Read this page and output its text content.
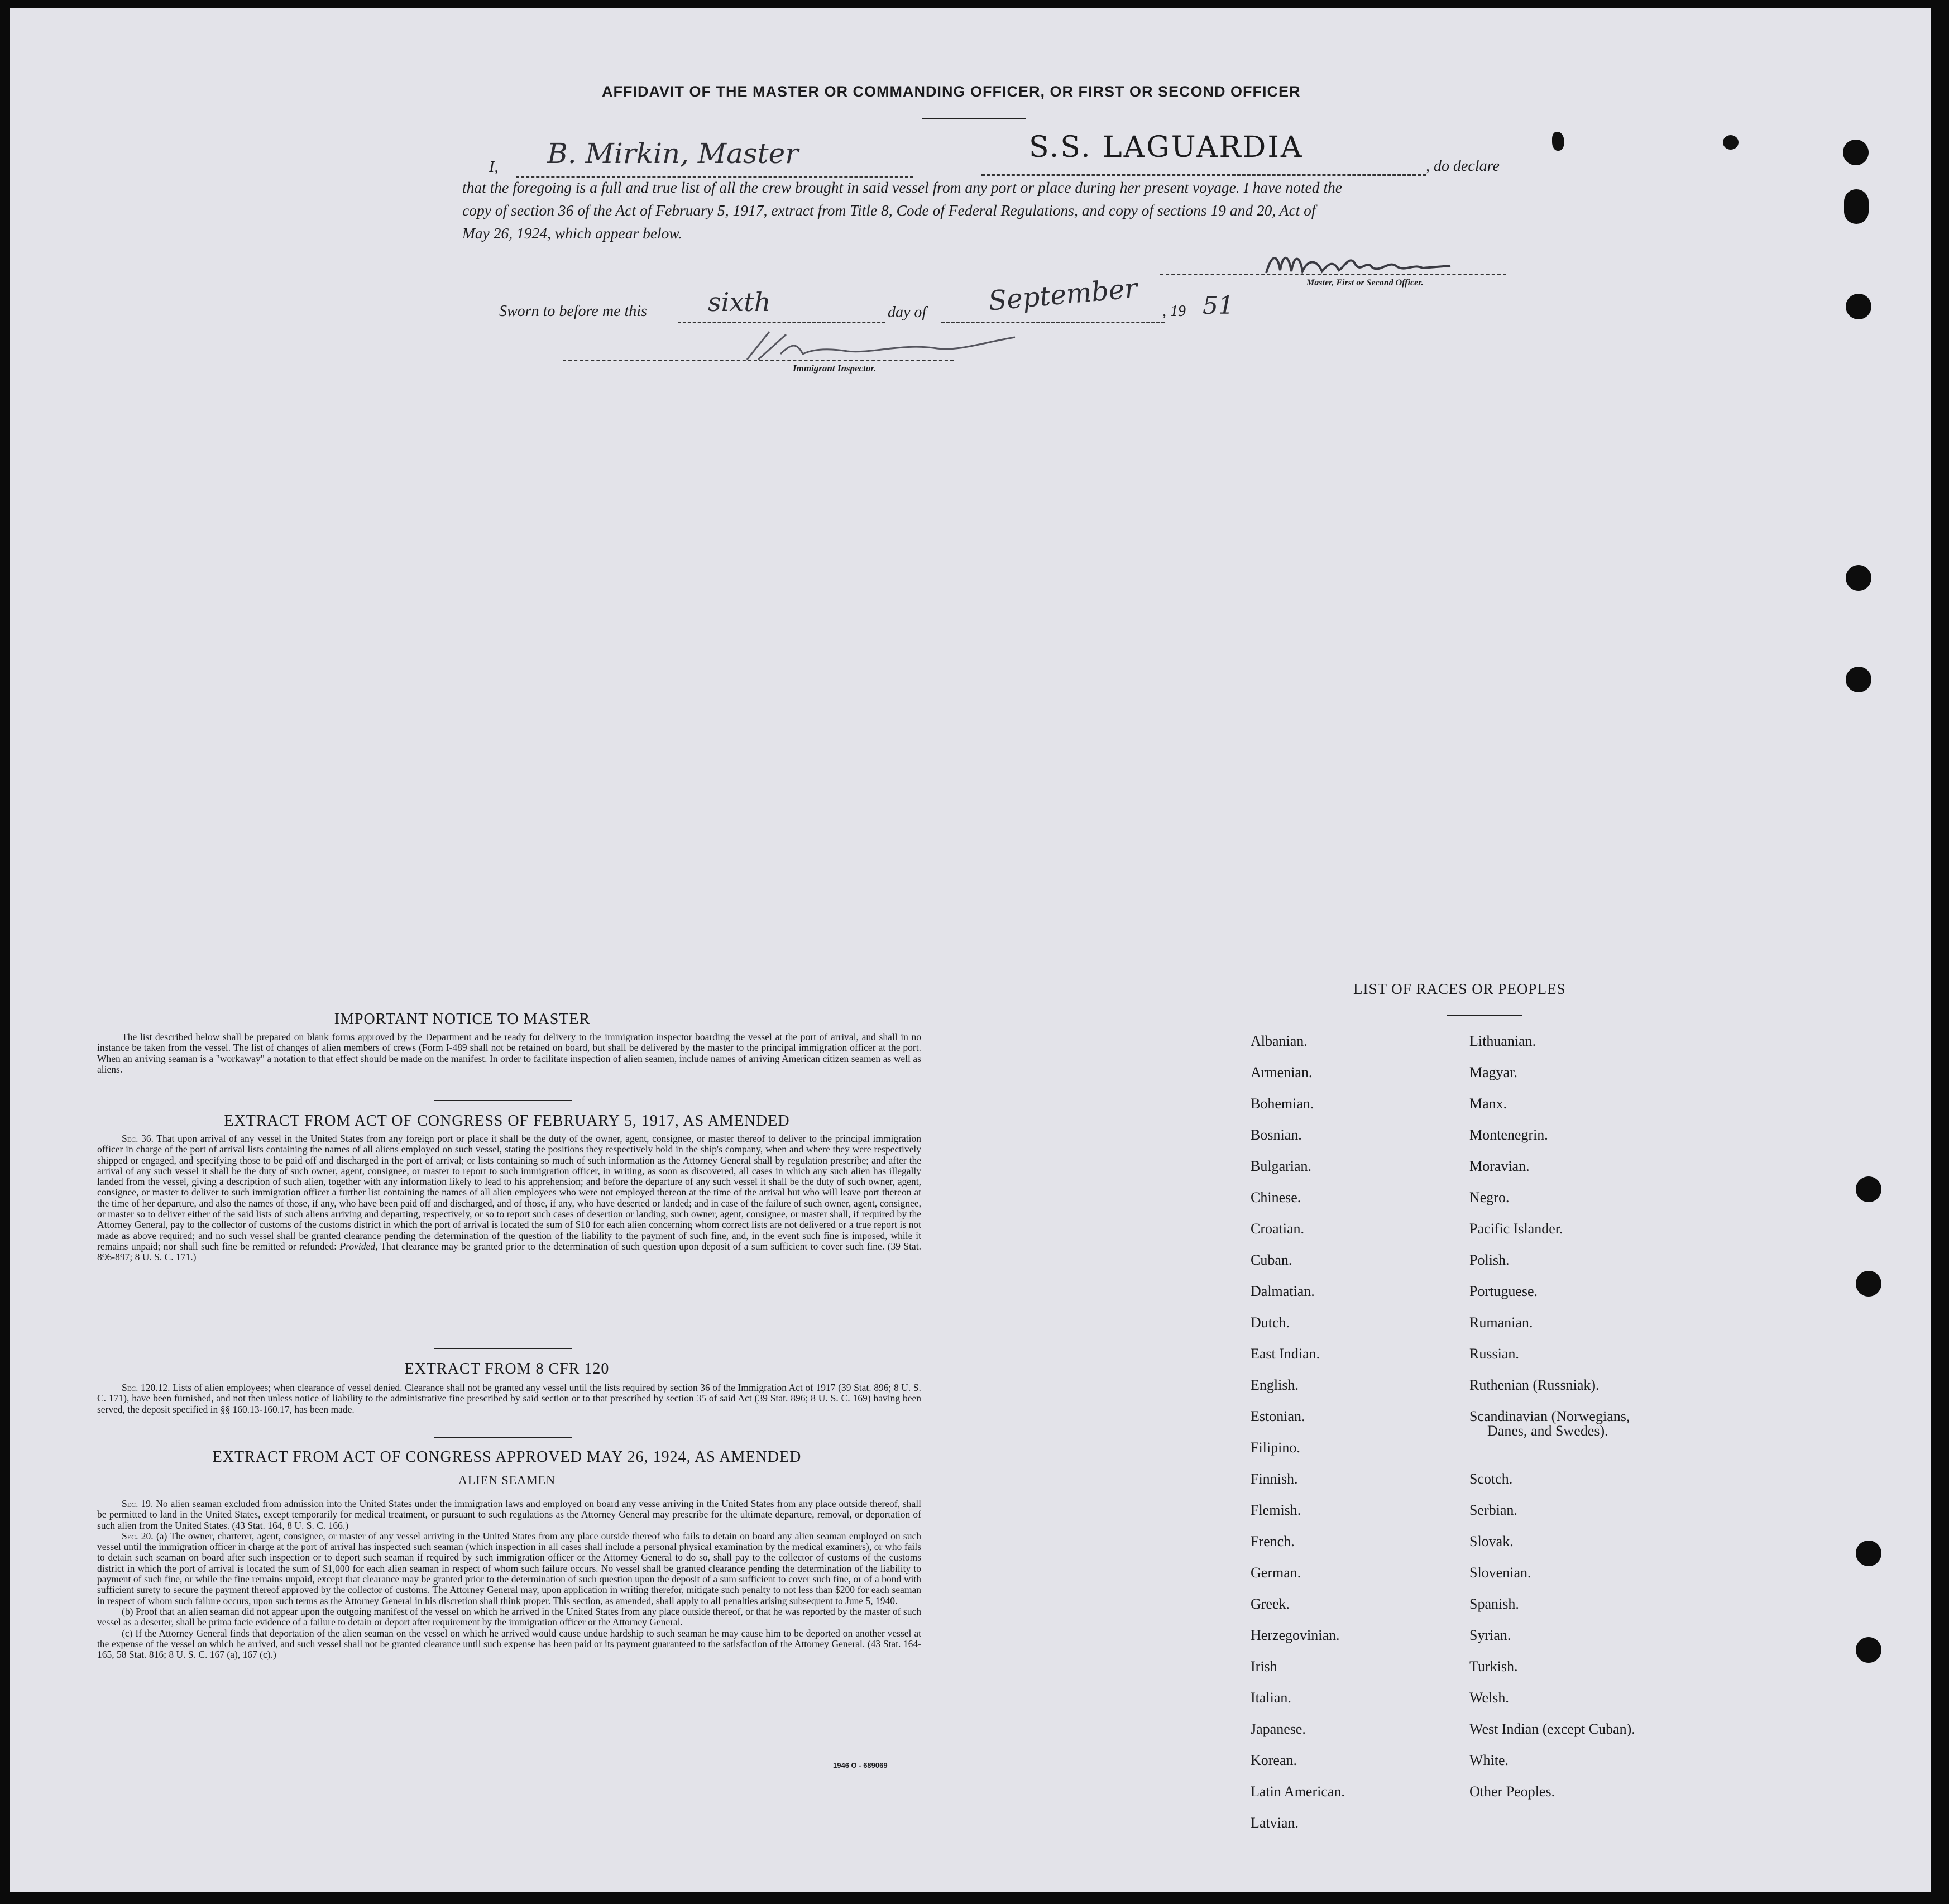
AFFIDAVIT OF THE MASTER OR COMMANDING OFFICER, OR FIRST OR SECOND OFFICER
I, B. Mirkin, Master	S.S. LAGUARDIA
, do declare
that the foregoing is a full and true list of all the crew brought in said vessel from any port or place during her present voyage. I have noted the
copy of section 36 of the Act of February 5, 1917, extract from Title 8, Code of Federal Regulations, and copy of sections 19 and 20, Act of
May 26, 1924, which appear below.
Master, First or Second Officer.
Sworn to before me this sixth	day of September , 19 51
Immigrant Inspector.
IMPORTANT NOTICE TO MASTER

The list described below shall be prepared on blank forms approved by the Department and be ready for delivery to the immigration inspector boarding the vessel at the port of arrival, and shall in no instance be taken from the vessel. The list of changes of alien members of crews (Form I-489 shall not be retained on board, but shall be delivered by the master to the principal immigration officer at the port. When an arriving seaman is a "workaway" a notation to that effect should be made on the manifest. In order to facilitate inspection of alien seamen, include names of arriving American citizen seamen as well as aliens.

EXTRACT FROM ACT OF CONGRESS OF FEBRUARY 5, 1917, AS AMENDED

Sec. 36. That upon arrival of any vessel in the United States from any foreign port or place it shall be the duty of the owner, agent, consignee, or master thereof to deliver to the principal immigration officer in charge of the port of arrival lists containing the names of all aliens employed on such vessel, stating the positions they respectively hold in the ship's company, when and where they were respectively shipped or engaged, and specifying those to be paid off and discharged in the port of arrival; or lists containing so much of such information as the Attorney General shall by regulation prescribe; and after the arrival of any such vessel it shall be the duty of such owner, agent, consignee, or master to report to such immigration officer, in writing, as soon as discovered, all cases in which any such alien has illegally landed from the vessel, giving a description of such alien, together with any information likely to lead to his apprehension; and before the departure of any such vessel it shall be the duty of such owner, agent, consignee, or master to deliver to such immigration officer a further list containing the names of all alien employees who were not employed thereon at the time of the arrival but who will leave port thereon at the time of her departure, and also the names of those, if any, who have been paid off and discharged, and of those, if any, who have deserted or landed; and in case of the failure of such owner, agent, consignee, or master so to deliver either of the said lists of such aliens arriving and departing, respectively, or so to report such cases of desertion or landing, such owner, agent, consignee, or master shall, if required by the Attorney General, pay to the collector of customs of the customs district in which the port of arrival is located the sum of $10 for each alien concerning whom correct lists are not delivered or a true report is not made as above required; and no such vessel shall be granted clearance pending the determination of the question of the liability to the payment of such fine, and, in the event such fine is imposed, while it remains unpaid; nor shall such fine be remitted or refunded: Provided, That clearance may be granted prior to the determination of such question upon deposit of a sum sufficient to cover such fine. (39 Stat. 896-897; 8 U. S. C. 171.)

EXTRACT FROM 8 CFR 120

Sec. 120.12. Lists of alien employees; when clearance of vessel denied. Clearance shall not be granted any vessel until the lists required by section 36 of the Immigration Act of 1917 (39 Stat. 896; 8 U. S. C. 171), have been furnished, and not then unless notice of liability to the administrative fine prescribed by said section or to that prescribed by section 35 of said Act (39 Stat. 896; 8 U. S. C. 169) having been served, the deposit specified in §§ 160.13-160.17, has been made.

EXTRACT FROM ACT OF CONGRESS APPROVED MAY 26, 1924, AS AMENDED
ALIEN SEAMEN

Sec. 19. No alien seaman excluded from admission into the United States under the immigration laws and employed on board any vesse arriving in the United States from any place outside thereof, shall be permitted to land in the United States, except temporarily for medical treatment, or pursuant to such regulations as the Attorney General may prescribe for the ultimate departure, removal, or deportation of such alien from the United States. (43 Stat. 164, 8 U. S. C. 166.)

Sec. 20. (a) The owner, charterer, agent, consignee, or master of any vessel arriving in the United States from any place outside thereof who fails to detain on board any alien seaman employed on such vessel until the immigration officer in charge at the port of arrival has inspected such seaman (which inspection in all cases shall include a personal physical examination by the medical examiners), or who fails to detain such seaman on board after such inspection or to deport such seaman if required by such immigration officer or the Attorney General to do so, shall pay to the collector of customs of the customs district in which the port of arrival is located the sum of $1,000 for each alien seaman in respect of whom such failure occurs. No vessel shall be granted clearance pending the determination of the liability to payment of such fine, or while the fine remains unpaid, except that clearance may be granted prior to the determination of such question upon the deposit of a sum sufficient to cover such fine, or of a bond with sufficient surety to secure the payment thereof approved by the collector of customs. The Attorney General may, upon application in writing therefor, mitigate such penalty to not less than $200 for each seaman in respect of whom such failure occurs, upon such terms as the Attorney General in his discretion shall think proper. This section, as amended, shall apply to all penalties arising subsequent to June 5, 1940.

(b) Proof that an alien seaman did not appear upon the outgoing manifest of the vessel on which he arrived in the United States from any place outside thereof, or that he was reported by the master of such vessel as a deserter, shall be prima facie evidence of a failure to detain or deport after requirement by the immigration officer or the Attorney General.

(c) If the Attorney General finds that deportation of the alien seaman on the vessel on which he arrived would cause undue hardship to such seaman he may cause him to be deported on another vessel at the expense of the vessel on which he arrived, and such vessel shall not be granted clearance until such expense has been paid or its payment guaranteed to the satisfaction of the Attorney General. (43 Stat. 164-165, 58 Stat. 816; 8 U. S. C. 167 (a), 167 (c).)

1946 O - 689069
LIST OF RACES OR PEOPLES
Albanian.
Armenian.
Bohemian.
Bosnian.
Bulgarian.
Chinese.
Croatian.
Cuban.
Dalmatian.
Dutch.
East Indian.
English.
Estonian.
Filipino.
Finnish.
Flemish.
French.
German.
Greek.
Herzegovinian.
Irish
Italian.
Japanese.
Korean.
Latin American.
Latvian.
Lithuanian.
Magyar.
Manx.
Montenegrin.
Moravian.
Negro.
Pacific Islander.
Polish.
Portuguese.
Rumanian.
Russian.
Ruthenian (Russniak).
Scandinavian (Norwegians,
Danes, and Swedes).
Scotch.
Serbian.
Slovak.
Slovenian.
Spanish.
Syrian.
Turkish.
Welsh.
West Indian (except Cuban).
White.
Other Peoples.
